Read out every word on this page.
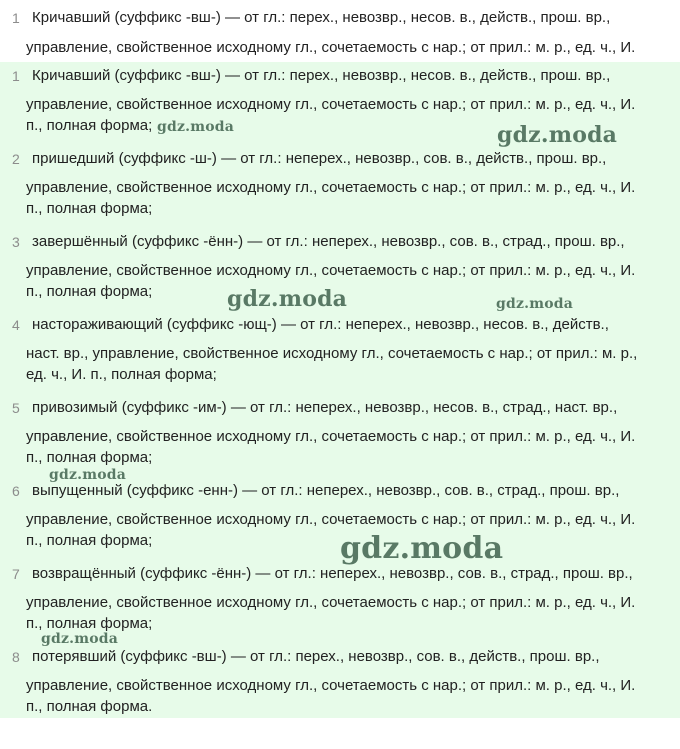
1 Кричавший (суффикс -вш-) — от гл.: перех., невозвр., несов. в., действ., прош. вр.,
управление, свойственное исходному гл., сочетаемость с нар.; от прил.: м. р., ед. ч., И.
1 Кричавший (суффикс -вш-) — от гл.: перех., невозвр., несов. в., действ., прош. вр.,
управление, свойственное исходному гл., сочетаемость с нар.; от прил.: м. р., ед. ч., И.
п., полная форма;
2 пришедший (суффикс -ш-) — от гл.: неперех., невозвр., сов. в., действ., прош. вр.,
управление, свойственное исходному гл., сочетаемость с нар.; от прил.: м. р., ед. ч., И.
п., полная форма;
3 завершённый (суффикс -ённ-) — от гл.: неперех., невозвр., сов. в., страд., прош. вр.,
управление, свойственное исходному гл., сочетаемость с нар.; от прил.: м. р., ед. ч., И.
п., полная форма;
4 настораживающий (суффикс -ющ-) — от гл.: неперех., невозвр., несов. в., действ.,
наст. вр., управление, свойственное исходному гл., сочетаемость с нар.; от прил.: м. р.,
ед. ч., И. п., полная форма;
5 привозимый (суффикс -им-) — от гл.: неперех., невозвр., несов. в., страд., наст. вр.,
управление, свойственное исходному гл., сочетаемость с нар.; от прил.: м. р., ед. ч., И.
п., полная форма;
6 выпущенный (суффикс -енн-) — от гл.: неперех., невозвр., сов. в., страд., прош. вр.,
управление, свойственное исходному гл., сочетаемость с нар.; от прил.: м. р., ед. ч., И.
п., полная форма;
7 возвращённый (суффикс -ённ-) — от гл.: неперех., невозвр., сов. в., страд., прош. вр.,
управление, свойственное исходному гл., сочетаемость с нар.; от прил.: м. р., ед. ч., И.
п., полная форма;
8 потерявший (суффикс -вш-) — от гл.: перех., невозвр., сов. в., действ., прош. вр.,
управление, свойственное исходному гл., сочетаемость с нар.; от прил.: м. р., ед. ч., И.
п., полная форма.
gdz.moda	gdz.moda
gdz.moda	gdz.moda
gdz.moda
gdz.moda
gdz.moda
